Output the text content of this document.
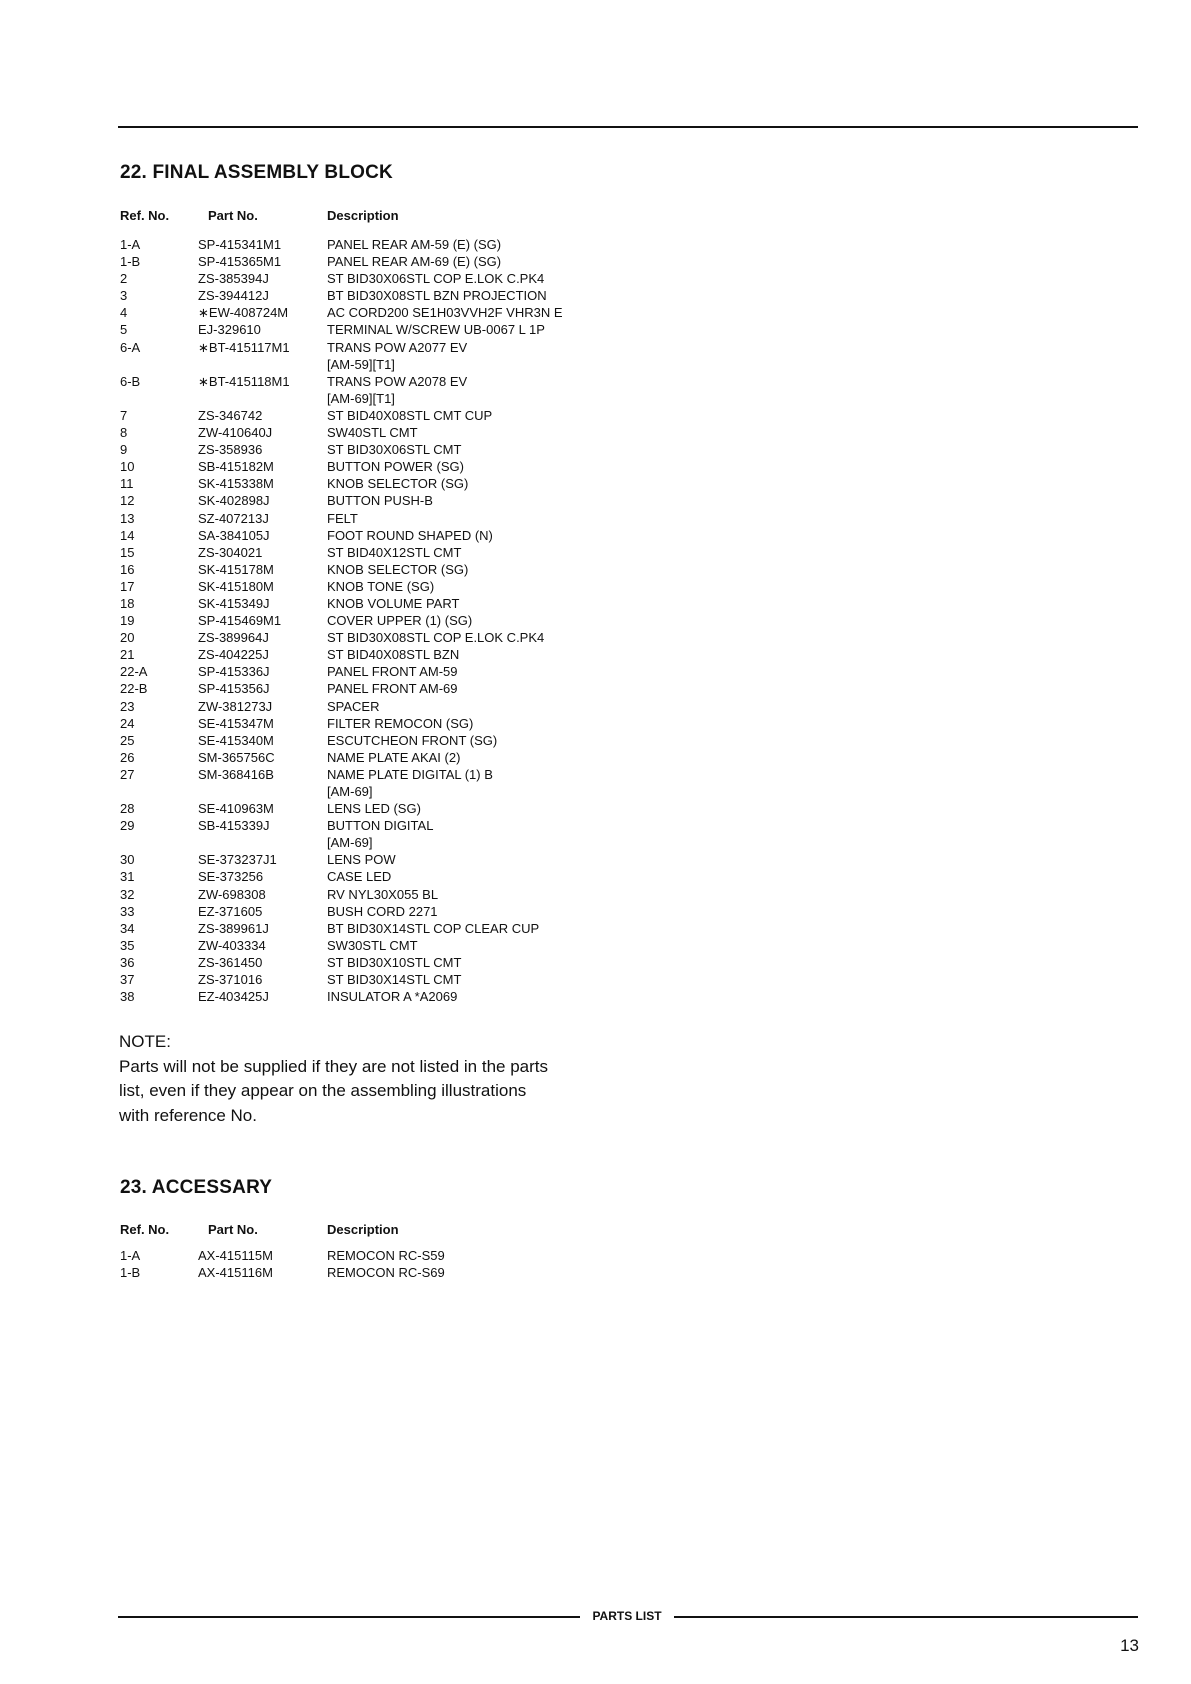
22. FINAL ASSEMBLY BLOCK
Ref. No.	Part No.	Description
1-A	SP-415341M1	PANEL REAR AM-59 (E) (SG)
1-B	SP-415365M1	PANEL REAR AM-69 (E) (SG)
2	ZS-385394J	ST BID30X06STL COP E.LOK C.PK4
3	ZS-394412J	BT BID30X08STL BZN PROJECTION
4	∗EW-408724M	AC CORD200 SE1H03VVH2F VHR3N E
5	EJ-329610	TERMINAL W/SCREW UB-0067 L 1P
6-A	∗BT-415117M1	TRANS POW A2077 EV
[AM-59][T1]
6-B	∗BT-415118M1	TRANS POW A2078 EV
[AM-69][T1]
7	ZS-346742	ST BID40X08STL CMT CUP
8	ZW-410640J	SW40STL CMT
9	ZS-358936	ST BID30X06STL CMT
10	SB-415182M	BUTTON POWER (SG)
11	SK-415338M	KNOB SELECTOR (SG)
12	SK-402898J	BUTTON PUSH-B
13	SZ-407213J	FELT
14	SA-384105J	FOOT ROUND SHAPED (N)
15	ZS-304021	ST BID40X12STL CMT
16	SK-415178M	KNOB SELECTOR (SG)
17	SK-415180M	KNOB TONE (SG)
18	SK-415349J	KNOB VOLUME PART
19	SP-415469M1	COVER UPPER (1) (SG)
20	ZS-389964J	ST BID30X08STL COP E.LOK C.PK4
21	ZS-404225J	ST BID40X08STL BZN
22-A	SP-415336J	PANEL FRONT AM-59
22-B	SP-415356J	PANEL FRONT AM-69
23	ZW-381273J	SPACER
24	SE-415347M	FILTER REMOCON (SG)
25	SE-415340M	ESCUTCHEON FRONT (SG)
26	SM-365756C	NAME PLATE AKAI (2)
27	SM-368416B	NAME PLATE DIGITAL (1) B
[AM-69]
28	SE-410963M	LENS LED (SG)
29	SB-415339J	BUTTON DIGITAL
[AM-69]
30	SE-373237J1	LENS POW
31	SE-373256	CASE LED
32	ZW-698308	RV NYL30X055 BL
33	EZ-371605	BUSH CORD 2271
34	ZS-389961J	BT BID30X14STL COP CLEAR CUP
35	ZW-403334	SW30STL CMT
36	ZS-361450	ST BID30X10STL CMT
37	ZS-371016	ST BID30X14STL CMT
38	EZ-403425J	INSULATOR A *A2069
NOTE:
Parts will not be supplied if they are not listed in the parts
list, even if they appear on the assembling illustrations
with reference No.
23. ACCESSARY
Ref. No.	Part No.	Description
1-A	AX-415115M	REMOCON RC-S59
1-B	AX-415116M	REMOCON RC-S69
PARTS LIST
13
